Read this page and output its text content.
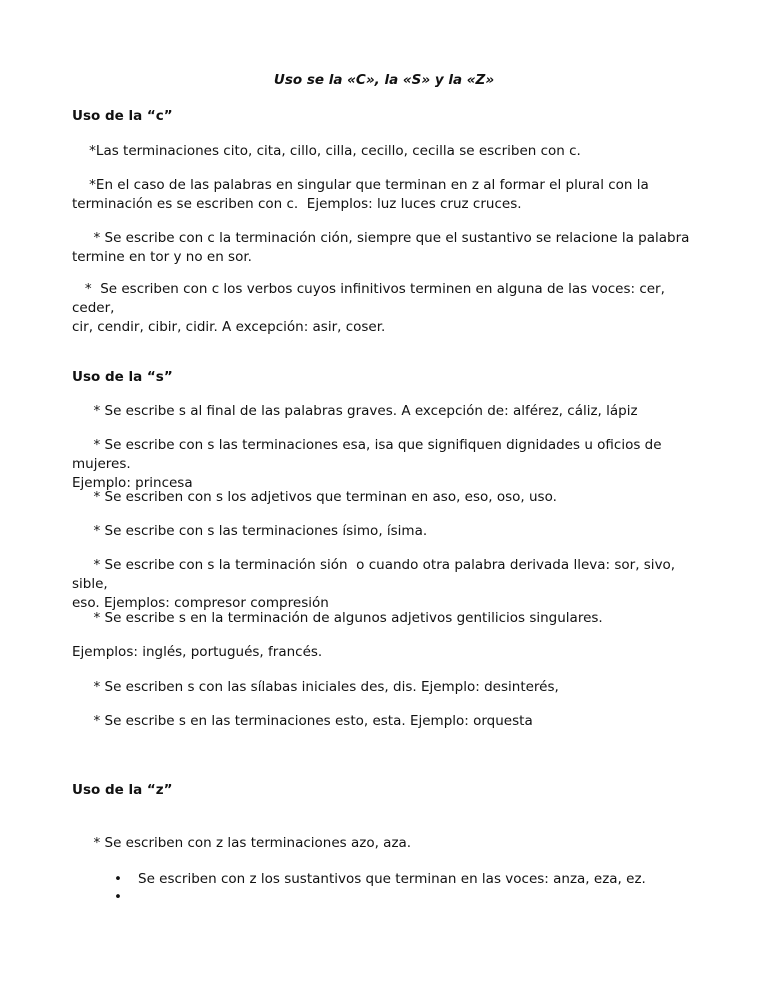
Uso se la «C», la «S» y la «Z»
Uso de la “c”
*Las terminaciones cito, cita, cillo, cilla, cecillo, cecilla se escriben con c.
*En el caso de las palabras en singular que terminan en z al formar el plural con la
terminación es se escriben con c.  Ejemplos: luz luces cruz cruces.
* Se escribe con c la terminación ción, siempre que el sustantivo se relacione la palabra
termine en tor y no en sor.
*  Se escriben con c los verbos cuyos infinitivos terminen en alguna de las voces: cer, ceder,
cir, cendir, cibir, cidir. A excepción: asir, coser.
Uso de la “s”
* Se escribe s al final de las palabras graves. A excepción de: alférez, cáliz, lápiz
* Se escribe con s las terminaciones esa, isa que signifiquen dignidades u oficios de mujeres.
Ejemplo: princesa
* Se escriben con s los adjetivos que terminan en aso, eso, oso, uso.
* Se escribe con s las terminaciones ísimo, ísima.
* Se escribe con s la terminación sión  o cuando otra palabra derivada lleva: sor, sivo, sible,
eso. Ejemplos: compresor compresión
* Se escribe s en la terminación de algunos adjetivos gentilicios singulares.
Ejemplos: inglés, portugués, francés.
* Se escriben s con las sílabas iniciales des, dis. Ejemplo: desinterés,
* Se escribe s en las terminaciones esto, esta. Ejemplo: orquesta
Uso de la “z”
* Se escriben con z las terminaciones azo, aza.
• Se escriben con z los sustantivos que terminan en las voces: anza, eza, ez.
•
